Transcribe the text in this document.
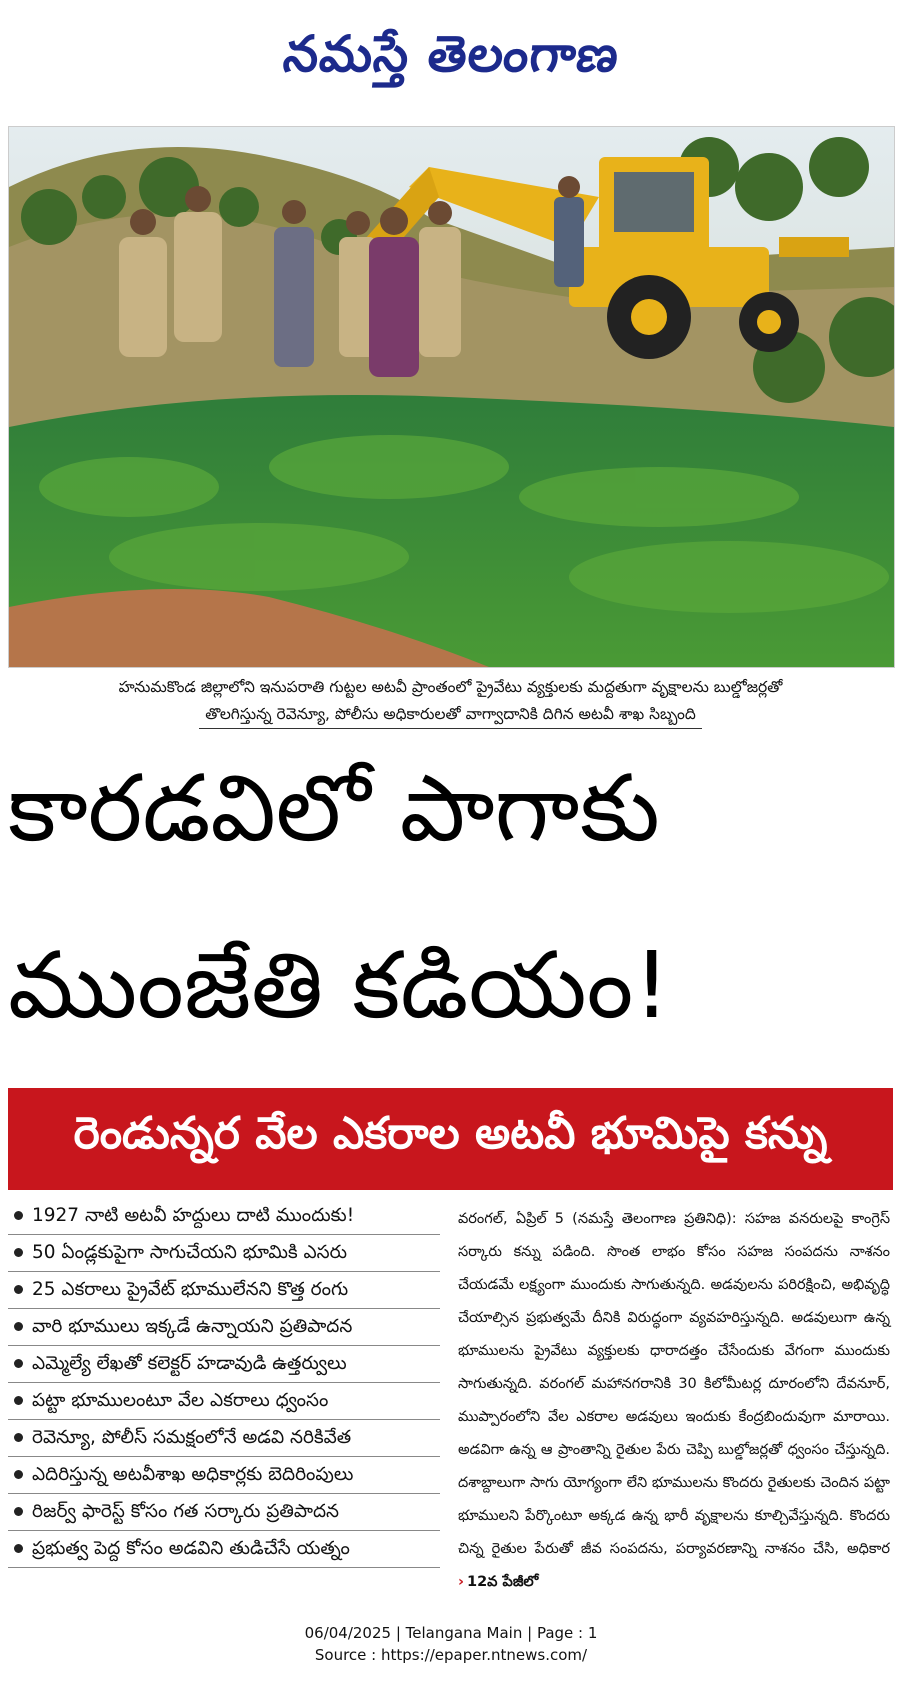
నమస్తే తెలంగాణ
హనుమకొండ జిల్లాలోని ఇనుపరాతి గుట్టల అటవీ ప్రాంతంలో ప్రైవేటు వ్యక్తులకు మద్దతుగా వృక్షాలను బుల్డోజర్లతో
తొలగిస్తున్న రెవెన్యూ, పోలీసు అధికారులతో వాగ్వాదానికి దిగిన అటవీ శాఖ సిబ్బంది
కారడవిలో పాగాకు
ముంజేతి కడియం!
రెండున్నర వేల ఎకరాల అటవీ భూమిపై కన్ను
1927 నాటి అటవీ హద్దులు దాటి ముందుకు!
50 ఏండ్లకుపైగా సాగుచేయని భూమికి ఎసరు
25 ఎకరాలు ప్రైవేట్ భూములేనని కొత్త రంగు
వారి భూములు ఇక్కడే ఉన్నాయని ప్రతిపాదన
ఎమ్మెల్యే లేఖతో కలెక్టర్ హడావుడి ఉత్తర్వులు
పట్టా భూములంటూ వేల ఎకరాలు ధ్వంసం
రెవెన్యూ, పోలీస్ సమక్షంలోనే అడవి నరికివేత
ఎదిరిస్తున్న అటవీశాఖ అధికార్లకు బెదిరింపులు
రిజర్వ్ ఫారెస్ట్ కోసం గత సర్కారు ప్రతిపాదన
ప్రభుత్వ పెద్ద కోసం అడవిని తుడిచేసే యత్నం
వరంగల్, ఏప్రిల్ 5 (నమస్తే తెలంగాణ ప్రతినిధి): సహజ వనరులపై కాంగ్రెస్ సర్కారు కన్ను పడింది. సొంత లాభం కోసం సహజ సంపదను నాశనం చేయడమే లక్ష్యంగా ముందుకు సాగుతున్నది. అడవులను పరిరక్షించి, అభివృద్ధి చేయాల్సిన ప్రభుత్వమే దీనికి విరుద్ధంగా వ్యవహరిస్తున్నది. అడవులుగా ఉన్న భూములను ప్రైవేటు వ్యక్తులకు ధారాదత్తం చేసేందుకు వేగంగా ముందుకు సాగుతున్నది. వరంగల్ మహానగరానికి 30 కిలోమీటర్ల దూరంలోని దేవనూర్, ముప్పారంలోని వేల ఎకరాల అడవులు ఇందుకు కేంద్రబిందువుగా మారాయి. అడవిగా ఉన్న ఆ ప్రాంతాన్ని రైతుల పేరు చెప్పి బుల్డోజర్లతో ధ్వంసం చేస్తున్నది. దశాబ్దాలుగా సాగు యోగ్యంగా లేని భూములను కొందరు రైతులకు చెందిన పట్టా భూములని పేర్కొంటూ అక్కడ ఉన్న భారీ వృక్షాలను కూల్చివేస్తున్నది. కొందరు చిన్న రైతుల పేరుతో జీవ సంపదను, పర్యావరణాన్ని నాశనం చేసి, అధికార › 12వ పేజీలో
06/04/2025 | Telangana Main | Page : 1
Source : https://epaper.ntnews.com/
